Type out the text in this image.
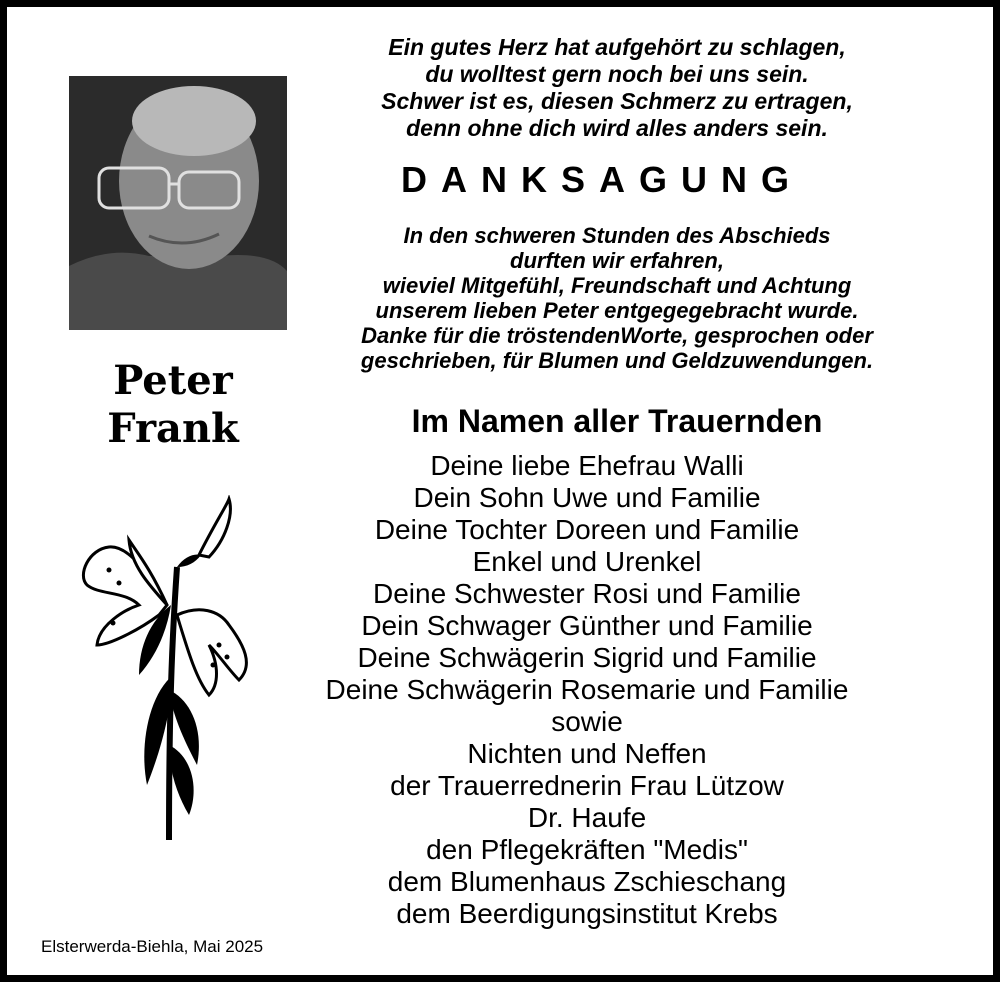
Ein gutes Herz hat aufgehört zu schlagen,
du wolltest gern noch bei uns sein.
Schwer ist es, diesen Schmerz zu ertragen,
denn ohne dich wird alles anders sein.
DANKSAGUNG
In den schweren Stunden des Abschieds
durften wir erfahren,
wieviel Mitgefühl, Freundschaft und Achtung
unserem lieben Peter entgegegebracht wurde.
Danke für die tröstendenWorte, gesprochen oder
geschrieben, für Blumen und Geldzuwendungen.
Peter
Frank	Im Namen aller Trauernden
Deine liebe Ehefrau Walli
Dein Sohn Uwe und Familie
Deine Tochter Doreen und Familie
Enkel und Urenkel
Deine Schwester Rosi und Familie
Dein Schwager Günther und Familie
Deine Schwägerin Sigrid und Familie
Deine Schwägerin Rosemarie und Familie
sowie
Nichten und Neffen
der Trauerrednerin Frau Lützow
Dr. Haufe
den Pflegekräften "Medis"
dem Blumenhaus Zschieschang
dem Beerdigungsinstitut Krebs
Elsterwerda-Biehla, Mai 2025
